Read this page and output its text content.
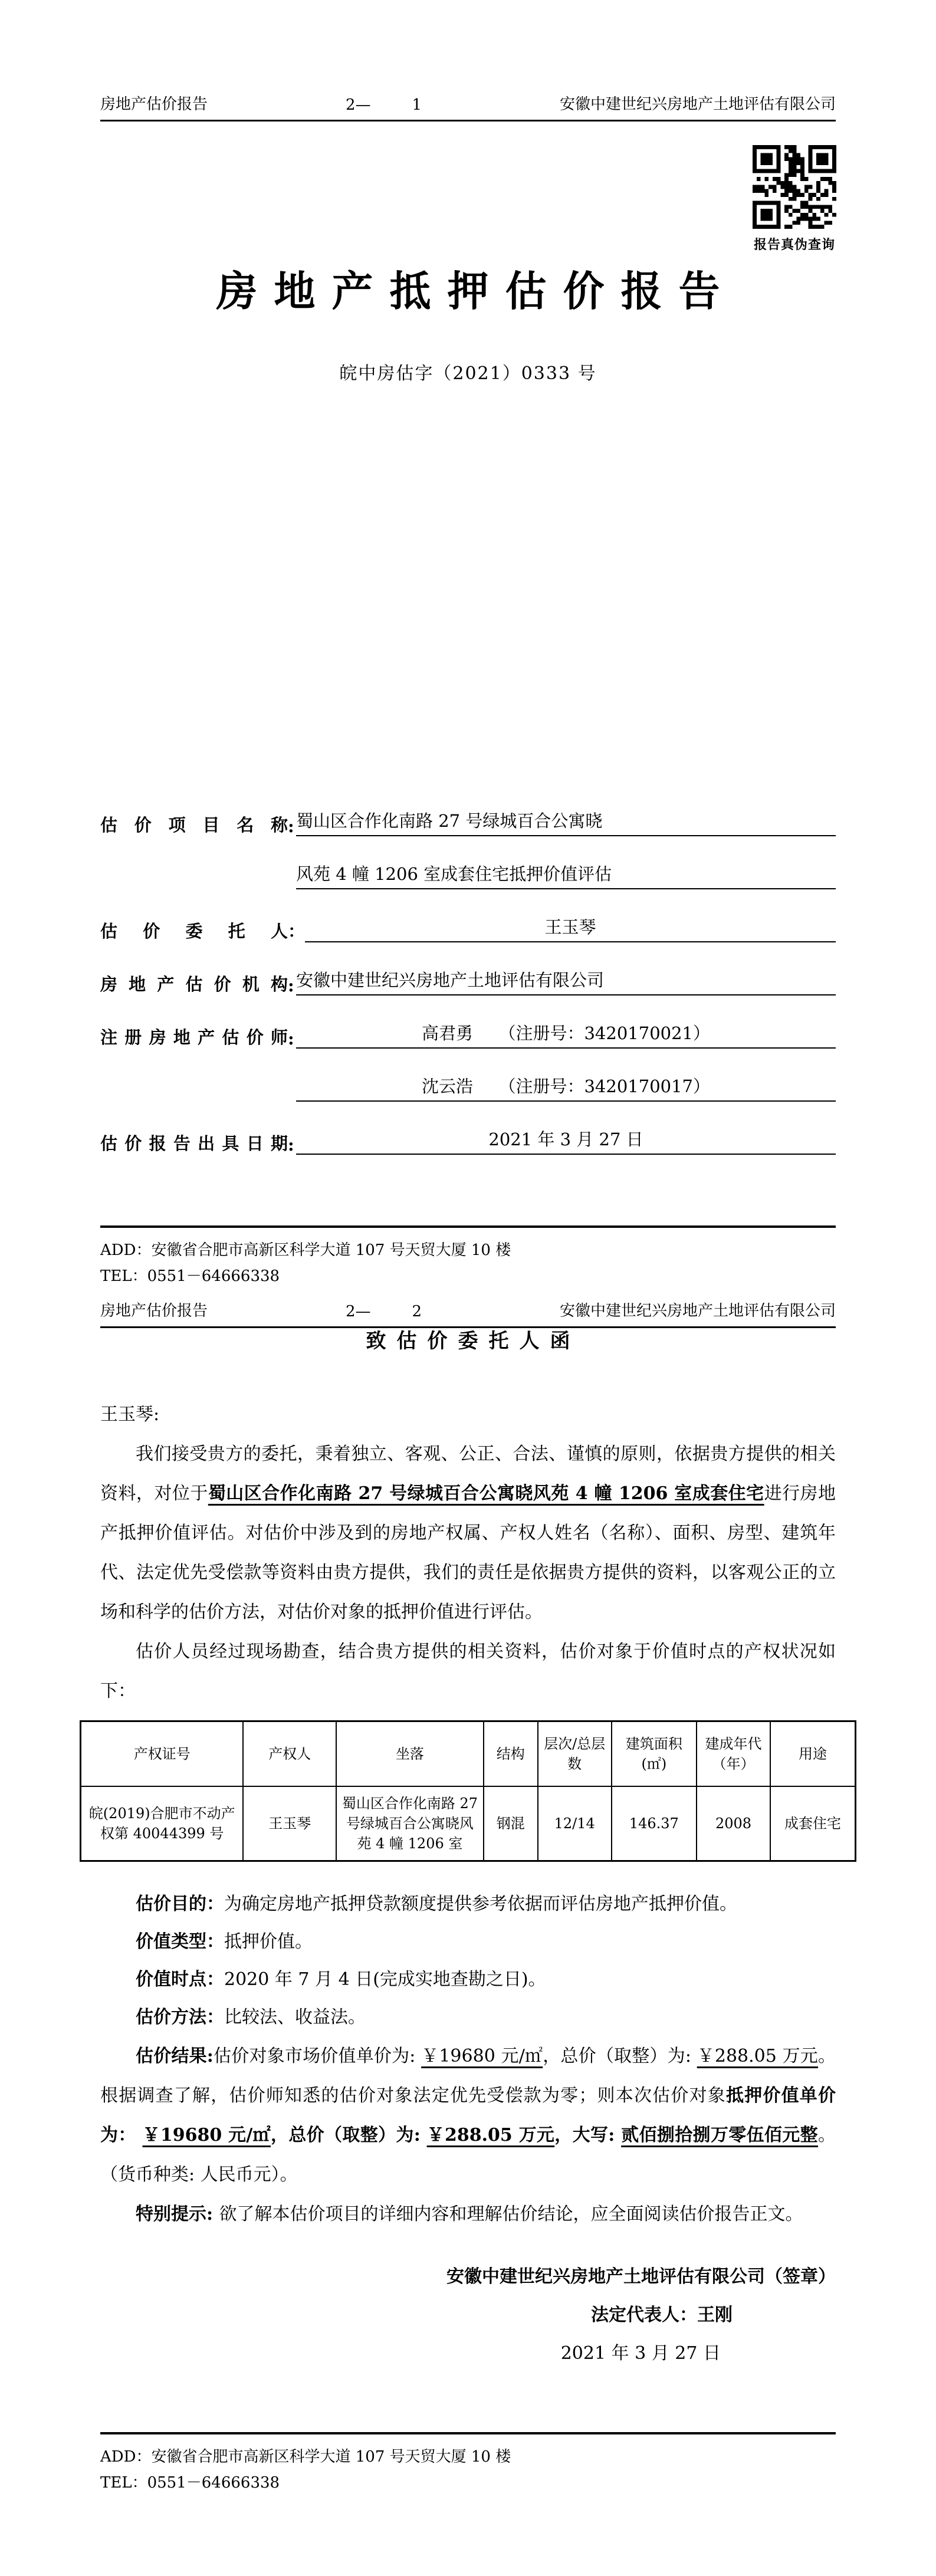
房地产估价报告	2—	1	安徽中建世纪兴房地产土地评估有限公司
报告真伪查询
房地产抵押估价报告
皖中房估字（2021）0333 号
估 价 项 目 名 称 : 蜀山区合作化南路 27 号绿城百合公寓晓
风苑 4 幢 1206 室成套住宅抵押价值评估
估 价 委 托 人 ：	王玉琴
房地产估价机构 : 安徽中建世纪兴房地产土地评估有限公司
注册房地产估价师 :	高君勇　　（注册号：3420170021）
沈云浩　　（注册号：3420170017）
估价报告出具日期 :	2021 年 3 月 27 日
ADD：安徽省合肥市高新区科学大道 107 号天贸大厦 10 楼
TEL：0551－64666338
房地产估价报告	2—	2	安徽中建世纪兴房地产土地评估有限公司
致估价委托人函
王玉琴:

我们接受贵方的委托，秉着独立、客观、公正、合法、谨慎的原则，依据贵方提供的相关资料，对位于蜀山区合作化南路 27 号绿城百合公寓晓风苑 4 幢 1206 室成套住宅进行房地产抵押价值评估。对估价中涉及到的房地产权属、产权人姓名（名称）、面积、房型、建筑年代、法定优先受偿款等资料由贵方提供，我们的责任是依据贵方提供的资料，以客观公正的立场和科学的估价方法，对估价对象的抵押价值进行评估。

估价人员经过现场勘查，结合贵方提供的相关资料，估价对象于价值时点的产权状况如下：

产权证号	产权人	坐落	结构	层次/总层数	建筑面积(㎡)	建成年代（年）	用途
皖(2019)合肥市不动产权第 40044399 号	王玉琴	蜀山区合作化南路 27 号绿城百合公寓晓风苑 4 幢 1206 室	钢混	12/14	146.37	2008	成套住宅
估价目的：为确定房地产抵押贷款额度提供参考依据而评估房地产抵押价值。
价值类型：抵押价值。
价值时点：2020 年 7 月 4 日(完成实地查勘之日)。
估价方法：比较法、收益法。

估价结果:估价对象市场价值单价为: ￥19680 元/㎡，总价（取整）为: ￥288.05 万元。根据调查了解，估价师知悉的估价对象法定优先受偿款为零；则本次估价对象抵押价值单价为： ￥19680 元/㎡，总价（取整）为: ￥288.05 万元，大写: 贰佰捌拾捌万零伍佰元整。（货币种类: 人民币元）。

特别提示: 欲了解本估价项目的详细内容和理解估价结论，应全面阅读估价报告正文。

安徽中建世纪兴房地产土地评估有限公司（签章）
法定代表人：王刚
2021 年 3 月 27 日
ADD：安徽省合肥市高新区科学大道 107 号天贸大厦 10 楼
TEL：0551－64666338
